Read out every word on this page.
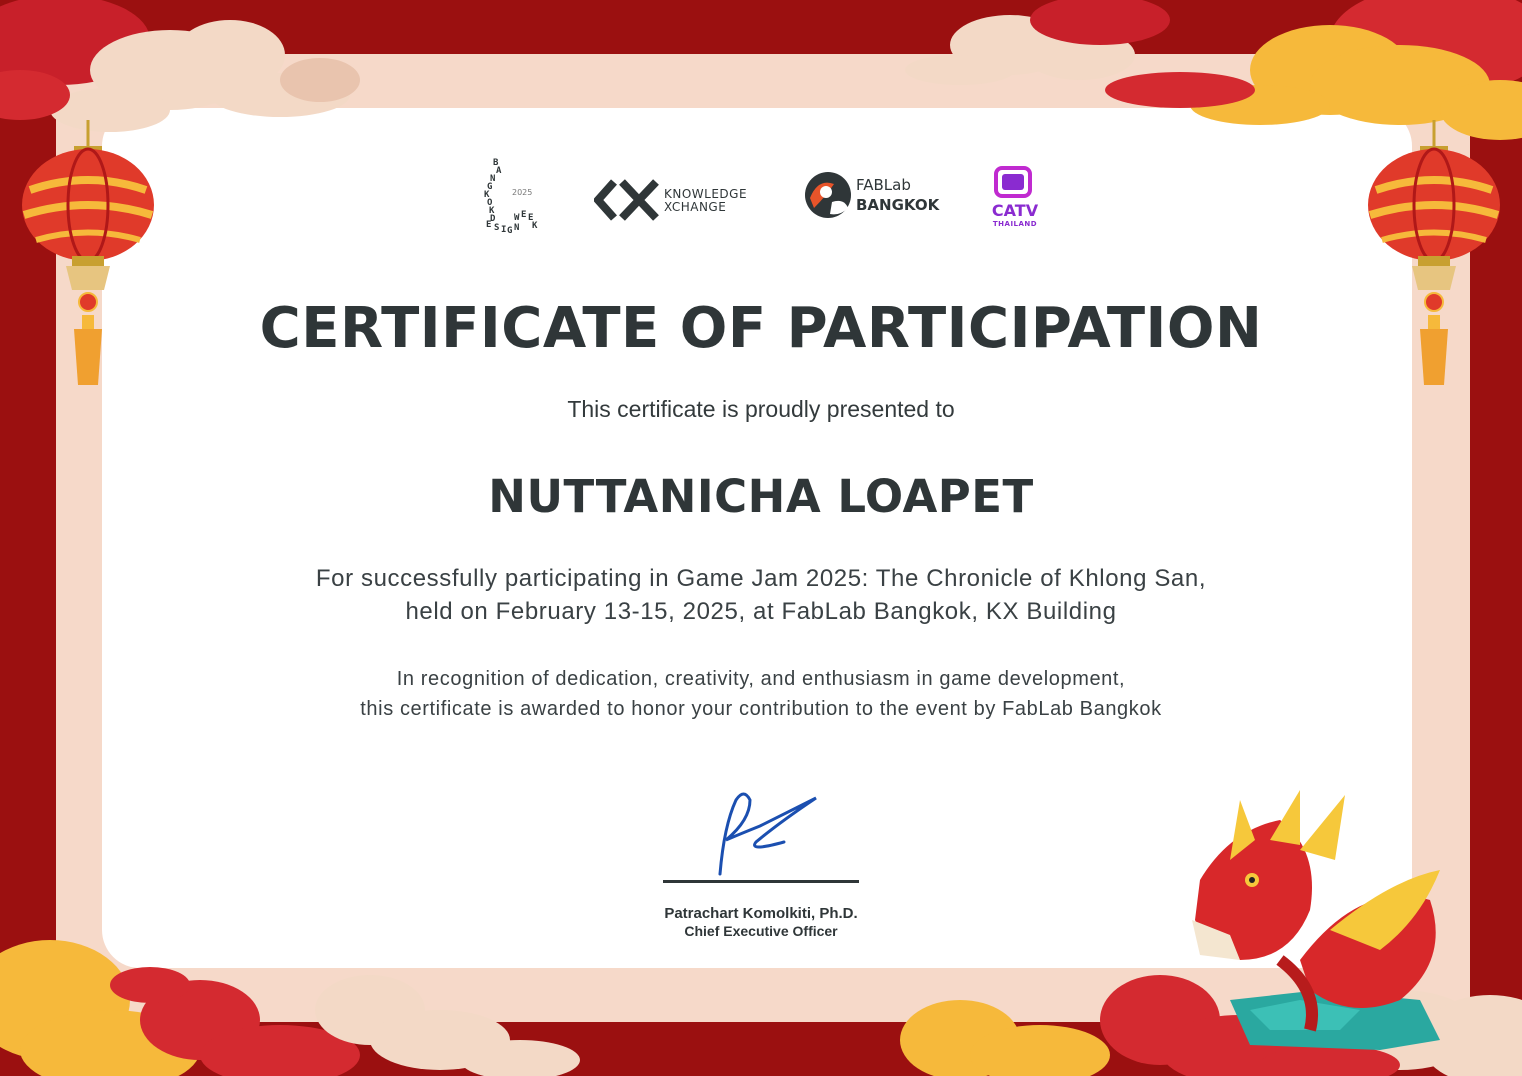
B
A
N
G
K
O
K
D
E S I G N
W E E
K
2025	KNOWLEDGE
XCHANGE
FABLab
BANGKOK	CATV
THAILAND
CERTIFICATE OF PARTICIPATION
This certificate is proudly presented to
NUTTANICHA LOAPET
For successfully participating in Game Jam 2025: The Chronicle of Khlong San,
held on February 13-15, 2025, at FabLab Bangkok, KX Building
In recognition of dedication, creativity, and enthusiasm in game development,
this certificate is awarded to honor your contribution to the event by FabLab Bangkok
Patrachart Komolkiti, Ph.D.
Chief Executive Officer
